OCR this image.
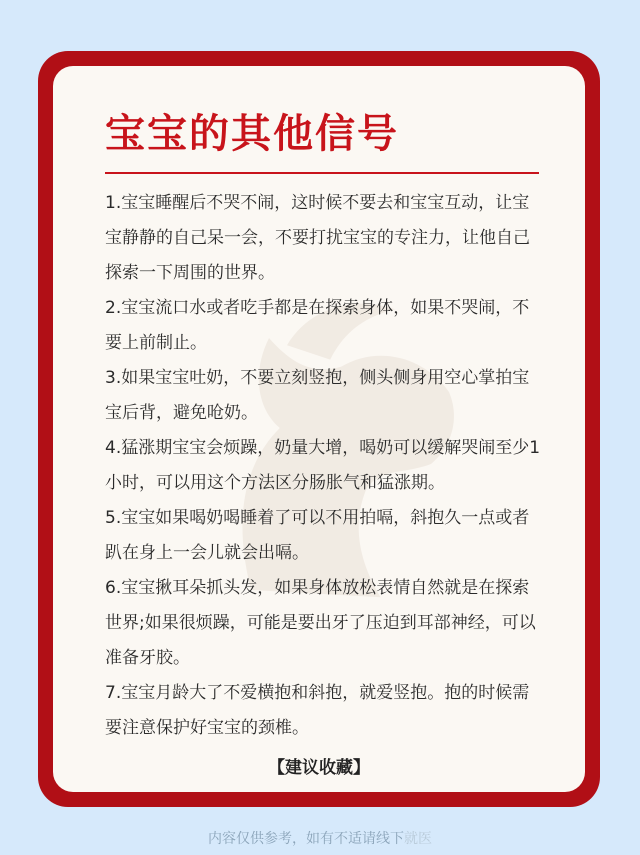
宝宝的其他信号

1.宝宝睡醒后不哭不闹，这时候不要去和宝宝互动，让宝宝静静的自己呆一会，不要打扰宝宝的专注力，让他自己探索一下周围的世界。

2.宝宝流口水或者吃手都是在探索身体，如果不哭闹，不要上前制止。

3.如果宝宝吐奶，不要立刻竖抱，侧头侧身用空心掌拍宝宝后背，避免呛奶。

4.猛涨期宝宝会烦躁，奶量大增，喝奶可以缓解哭闹至少1小时，可以用这个方法区分肠胀气和猛涨期。

5.宝宝如果喝奶喝睡着了可以不用拍嗝，斜抱久一点或者趴在身上一会儿就会出嗝。

6.宝宝揪耳朵抓头发，如果身体放松表情自然就是在探索世界;如果很烦躁，可能是要出牙了压迫到耳部神经，可以准备牙胶。

7.宝宝月龄大了不爱横抱和斜抱，就爱竖抱。抱的时候需要注意保护好宝宝的颈椎。

【建议收藏】
内容仅供参考，如有不适请线下就医
